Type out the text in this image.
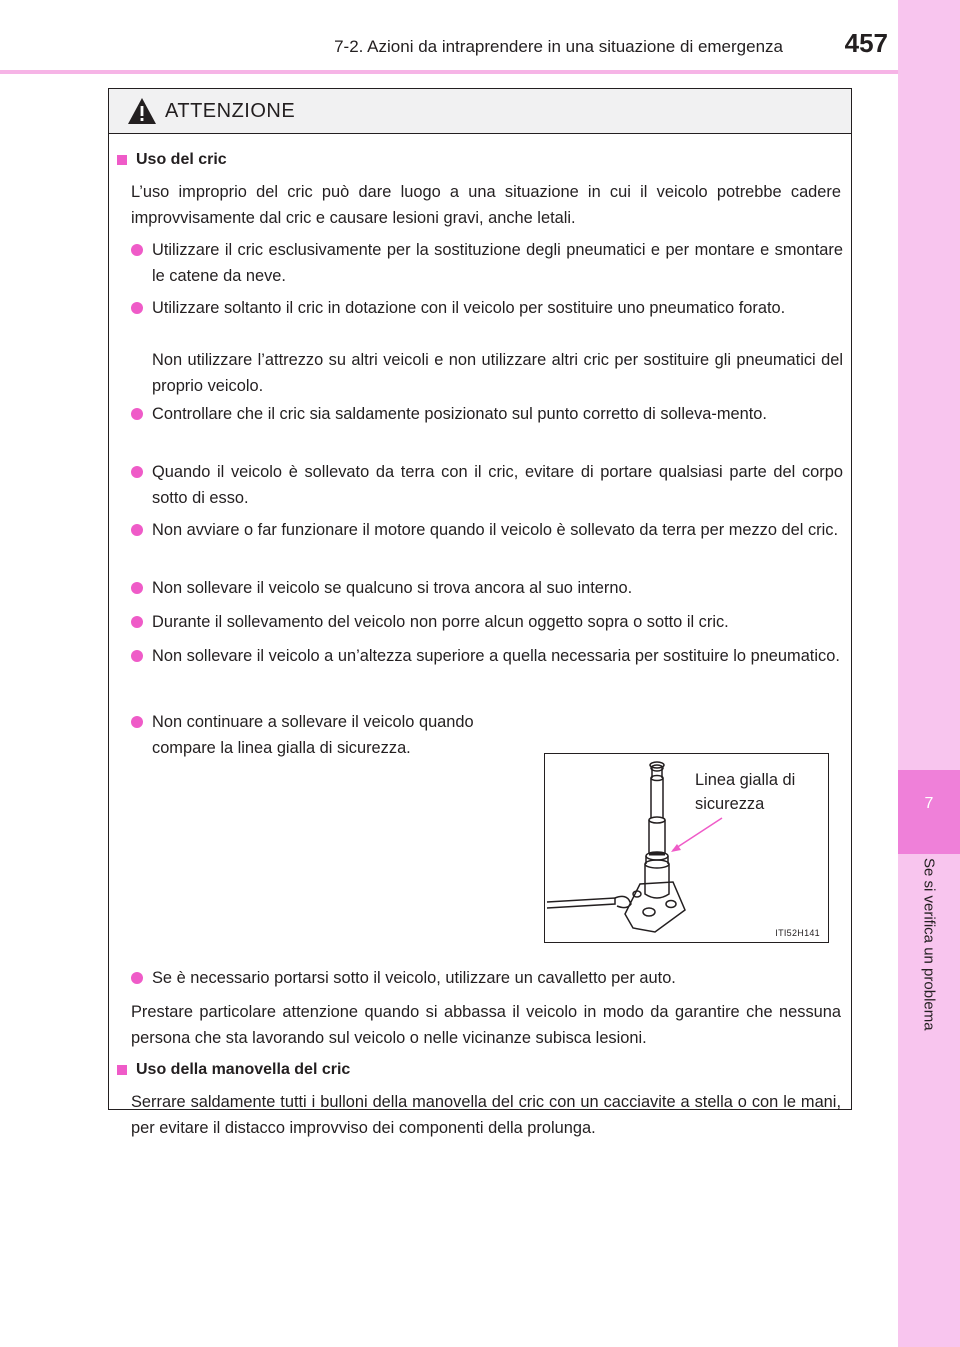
7-2. Azioni da intraprendere in una situazione di emergenza 457
7
Se si verifica un problema
ATTENZIONE
Uso del cric
L’uso improprio del cric può dare luogo a una situazione in cui il veicolo potrebbe cadere improvvisamente dal cric e causare lesioni gravi, anche letali.
Utilizzare il cric esclusivamente per la sostituzione degli pneumatici e per montare e smontare le catene da neve.
Utilizzare soltanto il cric in dotazione con il veicolo per sostituire uno pneumatico forato.
Non utilizzare l’attrezzo su altri veicoli e non utilizzare altri cric per sostituire gli pneumatici del proprio veicolo.
Controllare che il cric sia saldamente posizionato sul punto corretto di solleva-mento.
Quando il veicolo è sollevato da terra con il cric, evitare di portare qualsiasi parte del corpo sotto di esso.
Non avviare o far funzionare il motore quando il veicolo è sollevato da terra per mezzo del cric.
Non sollevare il veicolo se qualcuno si trova ancora al suo interno.
Durante il sollevamento del veicolo non porre alcun oggetto sopra o sotto il cric.
Non sollevare il veicolo a un’altezza superiore a quella necessaria per sostituire lo pneumatico.
Non continuare a sollevare il veicolo quando compare la linea gialla di sicurezza.
Linea gialla di sicurezza
ITI52H141
Se è necessario portarsi sotto il veicolo, utilizzare un cavalletto per auto.
Prestare particolare attenzione quando si abbassa il veicolo in modo da garantire che nessuna persona che sta lavorando sul veicolo o nelle vicinanze subisca lesioni.
Uso della manovella del cric
Serrare saldamente tutti i bulloni della manovella del cric con un cacciavite a stella o con le mani, per evitare il distacco improvviso dei componenti della prolunga.
